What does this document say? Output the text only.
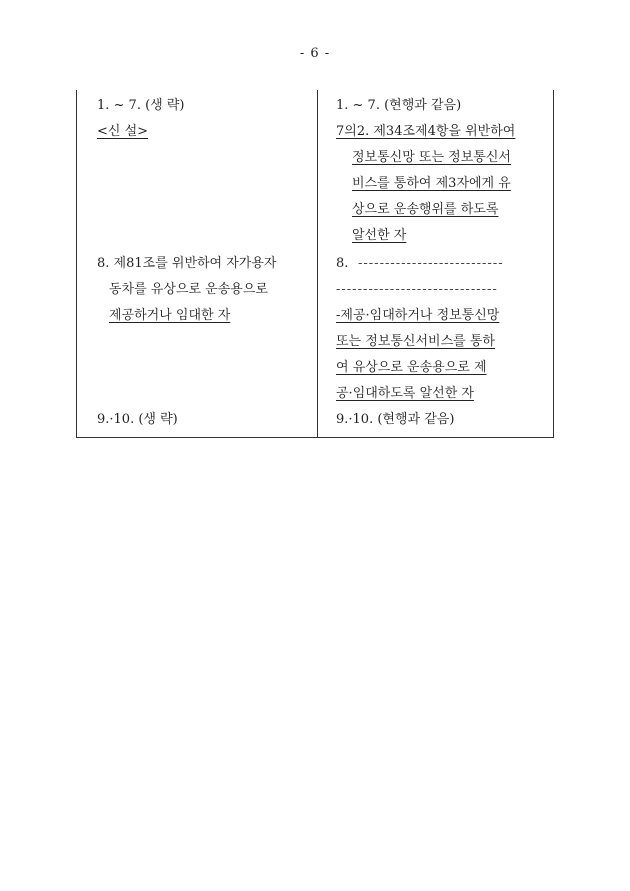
- 6 -
1. ~ 7. (생 략)
<신 설>
8. 제81조를 위반하여 자가용자
동차를 유상으로 운송용으로
제공하거나 임대한 자
9.·10. (생 략)
1. ~ 7. (현행과 같음)
7의2. 제34조제4항을 위반하여
정보통신망 또는 정보통신서
비스를 통하여 제3자에게 유
상으로 운송행위를 하도록
알선한 자
8. ---------------------------
------------------------------
-제공·임대하거나 정보통신망
또는 정보통신서비스를 통하
여 유상으로 운송용으로 제
공·임대하도록 알선한 자
9.·10. (현행과 같음)
